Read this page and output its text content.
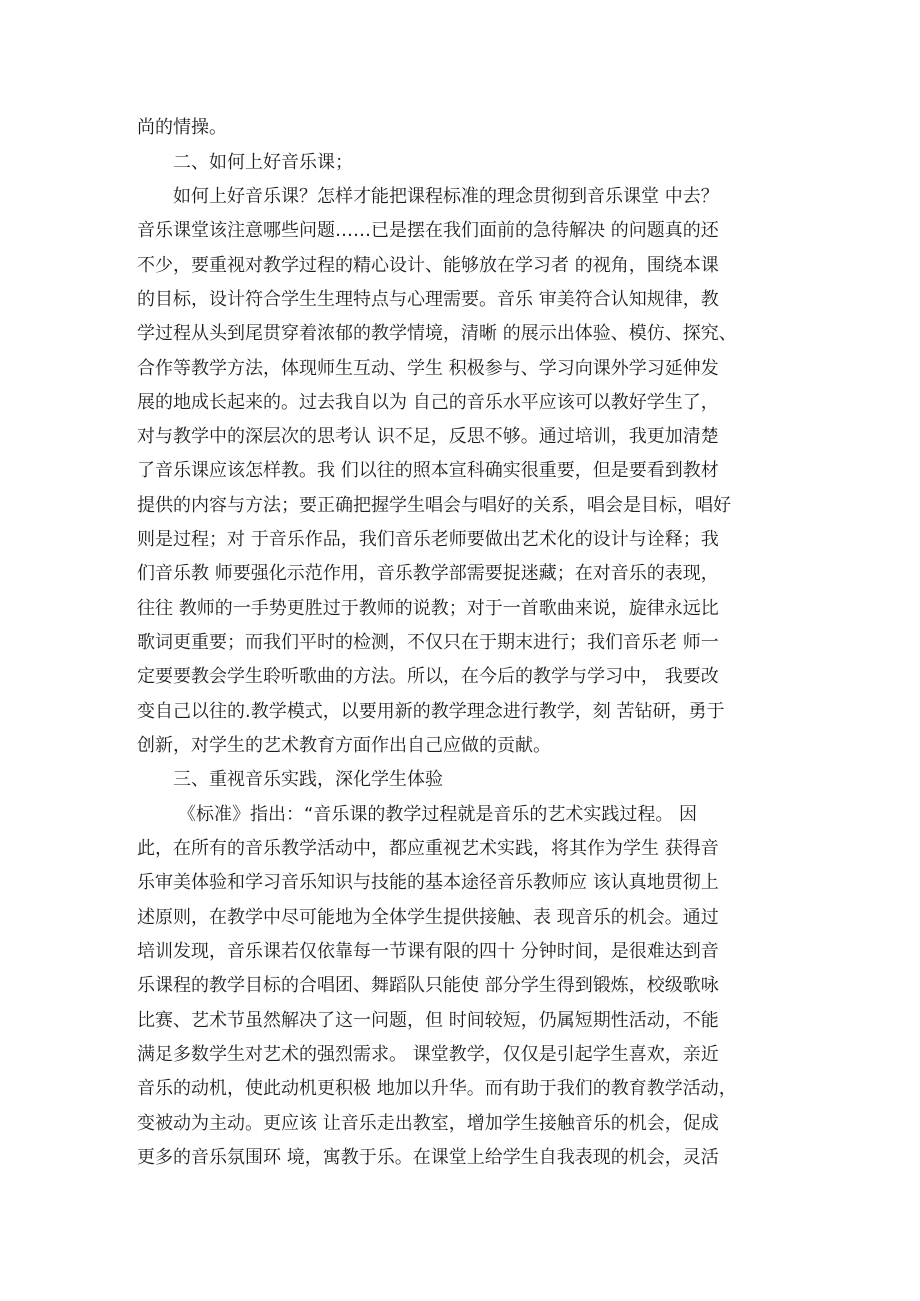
尚的情操。
二、如何上好音乐课；
如何上好音乐课？怎样才能把课程标准的理念贯彻到音乐课堂 中去？
音乐课堂该注意哪些问题……已是摆在我们面前的急待解决 的问题真的还
不少，要重视对教学过程的精心设计、能够放在学习者 的视角，围绕本课
的目标，设计符合学生生理特点与心理需要。音乐 审美符合认知规律，教
学过程从头到尾贯穿着浓郁的教学情境，清晰 的展示出体验、模仿、探究、
合作等教学方法，体现师生互动、学生 积极参与、学习向课外学习延伸发
展的地成长起来的。过去我自以为 自己的音乐水平应该可以教好学生了，
对与教学中的深层次的思考认 识不足，反思不够。通过培训，我更加清楚
了音乐课应该怎样教。我 们以往的照本宣科确实很重要，但是要看到教材
提供的内容与方法；要正确把握学生唱会与唱好的关系，唱会是目标，唱好
则是过程；对 于音乐作品，我们音乐老师要做出艺术化的设计与诠释；我
们音乐教 师要强化示范作用，音乐教学部需要捉迷藏；在对音乐的表现，
往往 教师的一手势更胜过于教师的说教；对于一首歌曲来说，旋律永远比
歌词更重要；而我们平时的检测，不仅只在于期末进行；我们音乐老 师一
定要要教会学生聆听歌曲的方法。所以，在今后的教学与学习中， 我要改
变自己以往的.教学模式，以要用新的教学理念进行教学，刻 苦钻研，勇于
创新，对学生的艺术教育方面作出自己应做的贡献。
三、重视音乐实践，深化学生体验
《标准》指出：“音乐课的教学过程就是音乐的艺术实践过程。 因
此，在所有的音乐教学活动中，都应重视艺术实践，将其作为学生 获得音
乐审美体验和学习音乐知识与技能的基本途径音乐教师应 该认真地贯彻上
述原则，在教学中尽可能地为全体学生提供接触、表 现音乐的机会。通过
培训发现，音乐课若仅依靠每一节课有限的四十 分钟时间，是很难达到音
乐课程的教学目标的合唱团、舞蹈队只能使 部分学生得到锻炼，校级歌咏
比赛、艺术节虽然解决了这一问题，但 时间较短，仍属短期性活动，不能
满足多数学生对艺术的强烈需求。 课堂教学，仅仅是引起学生喜欢，亲近
音乐的动机，使此动机更积极 地加以升华。而有助于我们的教育教学活动，
变被动为主动。更应该 让音乐走出教室，增加学生接触音乐的机会，促成
更多的音乐氛围环 境，寓教于乐。在课堂上给学生自我表现的机会，灵活
